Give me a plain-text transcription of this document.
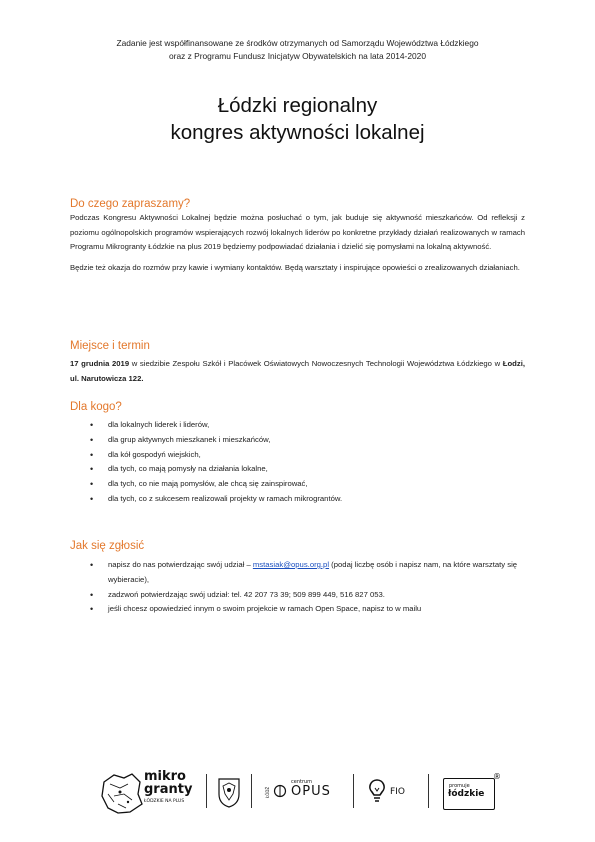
Zadanie jest współfinansowane ze środków otrzymanych od Samorządu Województwa Łódzkiego
oraz z Programu Fundusz Inicjatyw Obywatelskich na lata 2014-2020
Łódzki regionalny
kongres aktywności lokalnej
Do czego zapraszamy?

Podczas Kongresu Aktywności Lokalnej będzie można posłuchać o tym, jak buduje się aktywność mieszkańców. Od refleksji z poziomu ogólnopolskich programów wspierających rozwój lokalnych liderów po konkretne przykłady działań realizowanych w ramach Programu Mikrogranty Łódzkie na plus 2019 będziemy podpowiadać działania i dzielić się pomysłami na lokalną aktywność.

Będzie też okazja do rozmów przy kawie i wymiany kontaktów. Będą warsztaty i inspirujące opowieści o zrealizowanych działaniach.

Miejsce i termin
17 grudnia 2019 w siedzibie Zespołu Szkół i Placówek Oświatowych Nowoczesnych Technologii Województwa Łódzkiego w Łodzi, ul. Narutowicza 122.
Dla kogo?
• dla lokalnych liderek i liderów,
• dla grup aktywnych mieszkanek i mieszkańców,
• dla kół gospodyń wiejskich,
• dla tych, co mają pomysły na działania lokalne,
• dla tych, co nie mają pomysłów, ale chcą się zainspirować,
• dla tych, co z sukcesem realizowali projekty w ramach mikrograntów.
Jak się zgłosić
• napisz do nas potwierdzając swój udział – mstasiak@opus.org.pl (podaj liczbę osób i napisz nam, na które warsztaty się wybieracie),
• zadzwoń potwierdzając swój udział: tel. 42 207 73 39; 509 899 449, 516 827 053.
• jeśli chcesz opowiedzieć innym o swoim projekcie w ramach Open Space, napisz to w mailu
mikro
granty
ŁÓDZKIE NA PLUS
ŁÓDŹ
centrum
OPUS	FIO
promuje
łódzkie
®
